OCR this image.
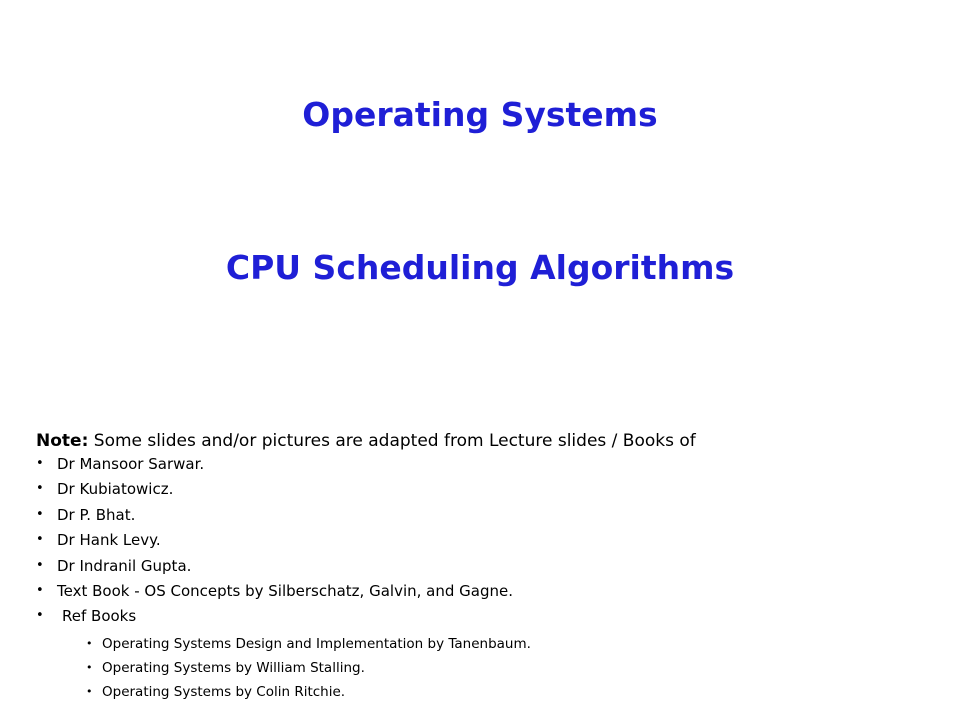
Operating Systems
CPU Scheduling Algorithms
Note: Some slides and/or pictures are adapted from Lecture slides / Books of
• Dr Mansoor Sarwar.
• Dr Kubiatowicz.
• Dr P. Bhat.
• Dr Hank Levy.
• Dr Indranil Gupta.
• Text Book - OS Concepts by Silberschatz, Galvin, and Gagne.
• Ref Books
• Operating Systems Design and Implementation by Tanenbaum.
• Operating Systems by William Stalling.
• Operating Systems by Colin Ritchie.
